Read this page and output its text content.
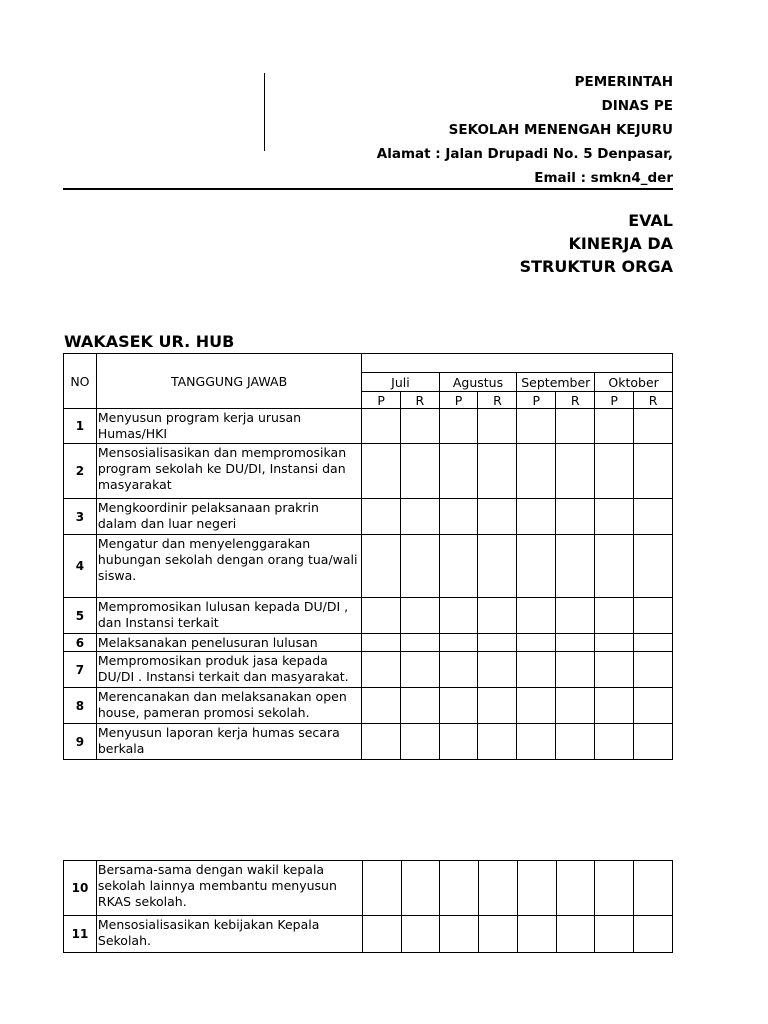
PEMERINTAH
DINAS PE
SEKOLAH MENENGAH KEJURU
Alamat : Jalan Drupadi No. 5 Denpasar,
Email : smkn4_der
EVAL
KINERJA DA
STRUKTUR ORGA
WAKASEK UR. HUB
NO	TANGGUNG JAWAB								
		Juli		Agustus		September		Oktober	
		P	R	P	R	P	R	P	R
1	Menyusun program kerja urusan Humas/HKI								
2	Mensosialisasikan dan mempromosikan program sekolah ke DU/DI, Instansi dan masyarakat								
3	Mengkoordinir pelaksanaan prakrin dalam dan luar negeri								
4	Mengatur dan menyelenggarakan hubungan sekolah dengan orang tua/wali siswa.								
5	Mempromosikan lulusan kepada DU/DI , dan Instansi terkait								
6	Melaksanakan penelusuran lulusan								
7	Mempromosikan produk jasa kepada DU/DI . Instansi terkait dan masyarakat.								
8	Merencanakan dan melaksanakan open house, pameran promosi sekolah.								
9	Menyusun laporan kerja humas secara berkala								
10	Bersama-sama dengan wakil kepala sekolah lainnya membantu menyusun RKAS sekolah.								
11	Mensosialisasikan kebijakan Kepala Sekolah.								
